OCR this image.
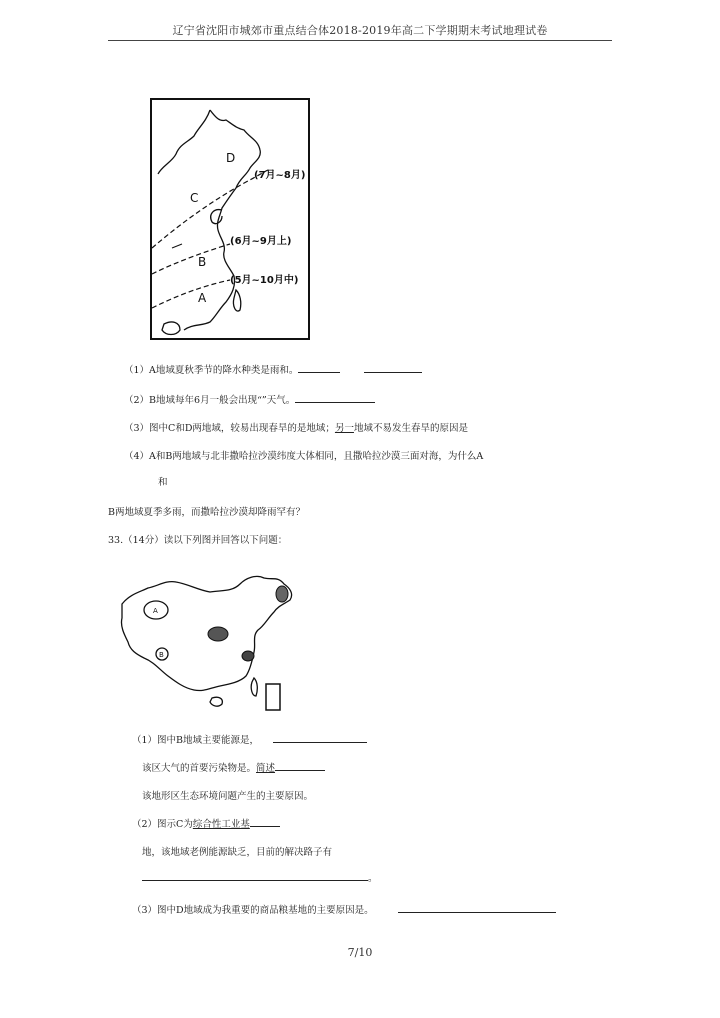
辽宁省沈阳市城郊市重点结合体2018-2019年高二下学期期末考试地理试卷
D
C
B
A
(7月~8月)
(6月~9月上)
(5月~10月中)
（1）A地域夏秋季节的降水种类是雨和。
（2）B地域每年6月一般会出现“”天气。
（3）图中C和D两地域，较易出现春旱的是地域；另一地域不易发生春旱的原因是
（4）A和B两地域与北非撒哈拉沙漠纬度大体相同，且撒哈拉沙漠三面对海，为什么A
和
B两地域夏季多雨，而撒哈拉沙漠却降雨罕有？
33.（14分）读以下列图并回答以下问题：
A
B
（1）图中B地域主要能源是，
该区大气的首要污染物是。简述
该地形区生态环境问题产生的主要原因。
（2）图示C为综合性工业基
地，该地域老例能源缺乏，目前的解决路子有
。
（3）图中D地域成为我重要的商品粮基地的主要原因是。
7/10
